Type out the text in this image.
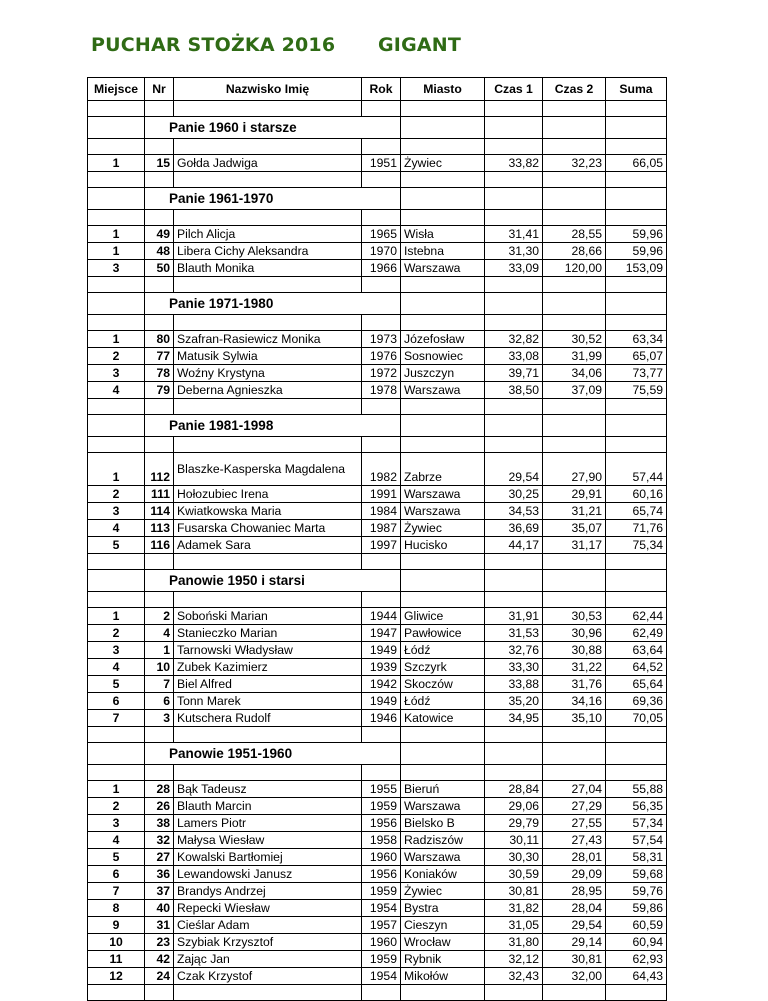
PUCHAR STOŻKA 2016 GIGANT
Miejsce	Nr	Nazwisko Imię	Rok	Miasto	Czas 1	Czas 2	Suma

	Panie 1960 i starsze						

1	15	Gołda Jadwiga	1951	Żywiec	33,82	32,23	66,05

	Panie 1961-1970						

1	49	Pilch Alicja	1965	Wisła	31,41	28,55	59,96
1	48	Libera Cichy Aleksandra	1970	Istebna	31,30	28,66	59,96
3	50	Blauth Monika	1966	Warszawa	33,09	120,00	153,09

	Panie 1971-1980						

1	80	Szafran-Rasiewicz Monika	1973	Józefosław	32,82	30,52	63,34
2	77	Matusik Sylwia	1976	Sosnowiec	33,08	31,99	65,07
3	78	Woźny Krystyna	1972	Juszczyn	39,71	34,06	73,77
4	79	Deberna Agnieszka	1978	Warszawa	38,50	37,09	75,59

	Panie 1981-1998						

1	112	Blaszke-Kasperska Magdalena	1982	Zabrze	29,54	27,90	57,44
2	111	Hołozubiec Irena	1991	Warszawa	30,25	29,91	60,16
3	114	Kwiatkowska Maria	1984	Warszawa	34,53	31,21	65,74
4	113	Fusarska Chowaniec Marta	1987	Żywiec	36,69	35,07	71,76
5	116	Adamek Sara	1997	Hucisko	44,17	31,17	75,34

	Panowie 1950 i starsi						

1	2	Soboński Marian	1944	Gliwice	31,91	30,53	62,44
2	4	Stanieczko Marian	1947	Pawłowice	31,53	30,96	62,49
3	1	Tarnowski Władysław	1949	Łódź	32,76	30,88	63,64
4	10	Zubek Kazimierz	1939	Szczyrk	33,30	31,22	64,52
5	7	Biel Alfred	1942	Skoczów	33,88	31,76	65,64
6	6	Tonn Marek	1949	Łódź	35,20	34,16	69,36
7	3	Kutschera Rudolf	1946	Katowice	34,95	35,10	70,05

	Panowie 1951-1960						

1	28	Bąk Tadeusz	1955	Bieruń	28,84	27,04	55,88
2	26	Blauth Marcin	1959	Warszawa	29,06	27,29	56,35
3	38	Lamers Piotr	1956	Bielsko B	29,79	27,55	57,34
4	32	Małysa Wiesław	1958	Radziszów	30,11	27,43	57,54
5	27	Kowalski Bartłomiej	1960	Warszawa	30,30	28,01	58,31
6	36	Lewandowski Janusz	1956	Koniaków	30,59	29,09	59,68
7	37	Brandys Andrzej	1959	Żywiec	30,81	28,95	59,76
8	40	Repecki Wiesław	1954	Bystra	31,82	28,04	59,86
9	31	Cieślar Adam	1957	Cieszyn	31,05	29,54	60,59
10	23	Szybiak Krzysztof	1960	Wrocław	31,80	29,14	60,94
11	42	Zając Jan	1959	Rybnik	32,12	30,81	62,93
12	24	Czak Krzystof	1954	Mikołów	32,43	32,00	64,43
